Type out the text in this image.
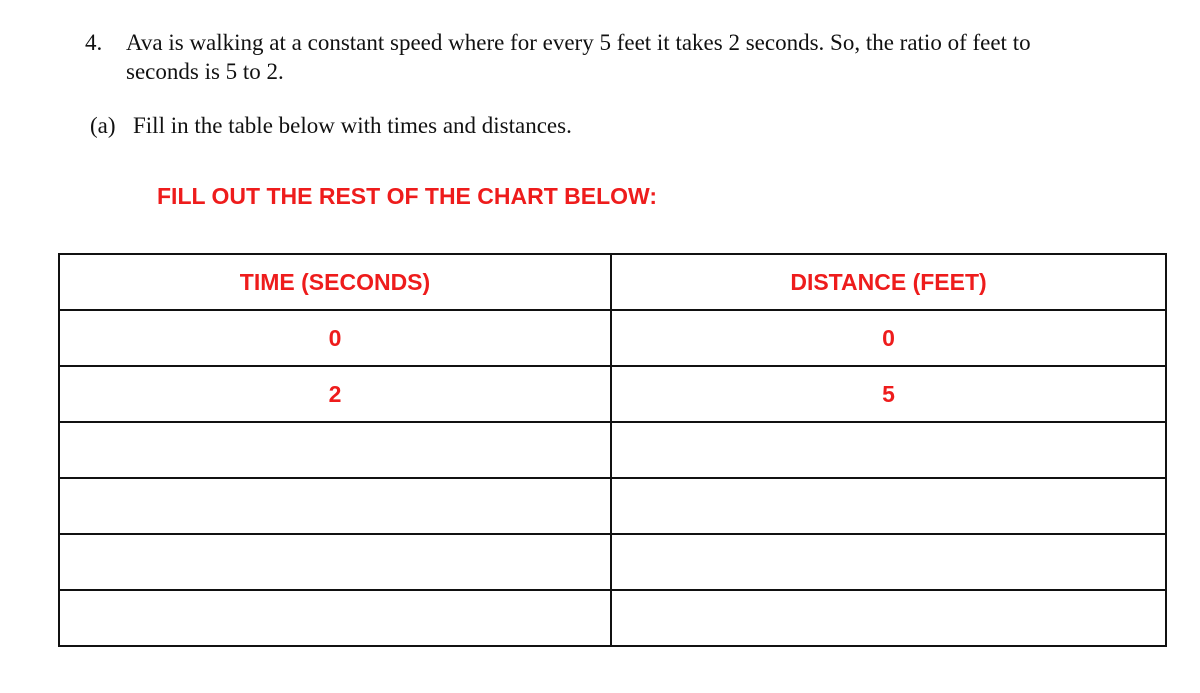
4.	Ava is walking at a constant speed where for every 5 feet it takes 2 seconds. So, the ratio of feet to seconds is 5 to 2.
(a) Fill in the table below with times and distances.
FILL OUT THE REST OF THE CHART BELOW:
TIME (SECONDS)	DISTANCE (FEET)
0	0
2	5
